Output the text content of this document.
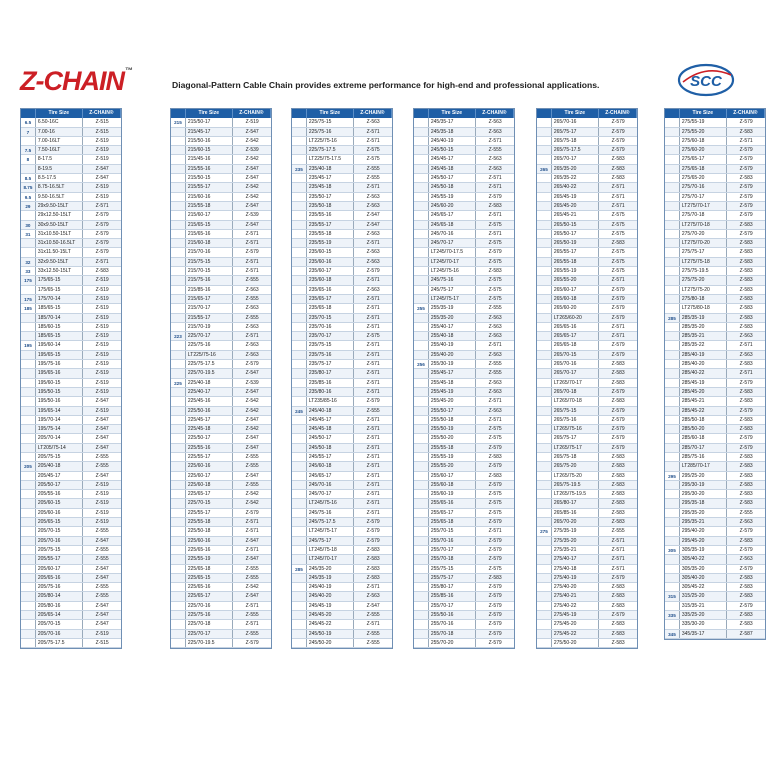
Z-CHAIN™
Diagonal-Pattern Cable Chain provides extreme performance for high-end and professional applications.	SCC
Tire Size	Z-CHAIN®
6.5	6.50-16C	Z-515
7	7.00-16	Z-515
7.00-16LT	Z-519
7.5	7.50-16LT	Z-519
8	8-17.5	Z-519
8-19.5	Z-547
8.5	8.5-17.5	Z-547
8.75	8.75-16.5LT	Z-519
9.5	9.50-16.5LT	Z-519
29	29x9.50-15LT	Z-571
29x12.50-15LT	Z-579
30	30x9.50-15LT	Z-579
31	31x10.50-15LT	Z-579
31x10.50-16.5LT	Z-579
31x11.50-15LT	Z-579
32	32x9.50-15LT	Z-571
33	33x12.50-15LT	Z-583
175	175/65-15	Z-519
175/65-15	Z-519
175	175/70-14	Z-519
185	185/65-15	Z-519
185/70-14	Z-519
185/60-15	Z-519
185/65-15	Z-519
195	195/60-14	Z-519
195/65-15	Z-519
195/75-16	Z-519
195/65-16	Z-519
195/60-15	Z-519
195/50-15	Z-519
195/50-16	Z-547
195/65-14	Z-519
195/70-14	Z-547
195/75-14	Z-547
205/70-14	Z-547
LT205/75-14	Z-547
205/75-15	Z-555
205	205/40-18	Z-555
205/45-17	Z-547
205/50-17	Z-519
205/55-16	Z-519
205/60-15	Z-519
205/60-16	Z-519
205/65-15	Z-519
205/70-15	Z-555
205/70-16	Z-547
205/75-15	Z-555
205/55-17	Z-555
205/60-17	Z-547
205/65-16	Z-547
205/75-16	Z-555
205/80-14	Z-555
205/80-16	Z-547
205/65-14	Z-547
205/70-15	Z-547
205/70-16	Z-519
205/75-17.5	Z-515
Tire Size	Z-CHAIN®
215	215/50-17	Z-519
215/45-17	Z-547
215/50-16	Z-542
215/60-15	Z-539
215/45-16	Z-542
215/55-16	Z-547
215/50-15	Z-547
215/55-17	Z-542
215/60-16	Z-542
215/55-18	Z-547
215/60-17	Z-539
215/65-15	Z-547
215/65-16	Z-571
215/60-18	Z-571
215/70-16	Z-579
215/75-15	Z-571
215/70-15	Z-571
215/75-16	Z-555
215/85-16	Z-563
215/65-17	Z-555
215/70-17	Z-563
215/55-17	Z-555
215/70-19	Z-563
223	225/70-17	Z-571
225/75-16	Z-563
LT225/75-16	Z-563
225/75-17.5	Z-579
225/70-19.5	Z-547
225	225/40-18	Z-539
225/40-17	Z-547
225/45-16	Z-542
225/50-16	Z-542
225/45-17	Z-547
225/45-18	Z-542
225/50-17	Z-547
225/55-16	Z-547
225/55-17	Z-555
225/60-16	Z-555
225/60-17	Z-547
225/60-18	Z-555
225/65-17	Z-542
225/70-15	Z-542
225/55-17	Z-579
225/55-18	Z-571
225/50-18	Z-571
225/60-16	Z-547
225/65-16	Z-571
225/55-19	Z-547
225/65-18	Z-555
225/65-15	Z-555
225/65-16	Z-542
225/65-17	Z-547
225/70-16	Z-571
225/75-16	Z-555
225/70-18	Z-571
225/70-17	Z-555
225/70-19.5	Z-579
Tire Size	Z-CHAIN®
225/75-15	Z-563
225/75-16	Z-571
LT225/75-16	Z-571
225/75-17.5	Z-575
LT225/75-17.5	Z-575
235	235/40-18	Z-555
235/45-17	Z-555
235/45-18	Z-571
235/50-17	Z-563
235/50-18	Z-563
235/55-16	Z-547
235/55-17	Z-547
235/55-18	Z-563
235/55-19	Z-571
235/60-15	Z-563
235/60-16	Z-563
235/60-17	Z-579
235/60-18	Z-571
235/65-16	Z-563
235/65-17	Z-571
235/65-18	Z-571
235/70-15	Z-571
235/70-16	Z-571
235/70-17	Z-575
235/75-15	Z-571
235/75-16	Z-571
235/75-17	Z-571
235/80-17	Z-571
235/85-16	Z-571
235/80-16	Z-571
LT235/85-16	Z-579
245	245/40-18	Z-555
245/45-17	Z-571
245/45-18	Z-571
245/50-17	Z-571
245/50-18	Z-571
245/55-17	Z-571
245/60-18	Z-571
245/65-17	Z-571
245/70-16	Z-571
245/70-17	Z-571
LT245/75-16	Z-571
245/75-16	Z-571
245/75-17.5	Z-579
LT245/75-17	Z-579
245/75-17	Z-579
LT245/75-18	Z-583
LT245/70-17	Z-583
285	245/35-20	Z-583
245/35-19	Z-583
245/40-19	Z-571
245/40-20	Z-563
245/45-19	Z-547
245/45-20	Z-555
245/45-22	Z-571
245/50-19	Z-555
245/50-20	Z-555
Tire Size	Z-CHAIN®
245/35-17	Z-563
245/35-18	Z-563
245/40-19	Z-571
245/50-15	Z-555
245/45-17	Z-563
245/45-18	Z-563
245/50-17	Z-571
245/50-18	Z-571
245/55-19	Z-579
245/60-20	Z-583
245/65-17	Z-571
245/65-18	Z-575
245/70-16	Z-571
245/70-17	Z-575
LT245/70-17.5	Z-579
LT245/70-17	Z-575
LT245/75-16	Z-583
245/75-16	Z-575
245/75-17	Z-575
LT245/75-17	Z-575
255	255/35-19	Z-555
255/35-20	Z-563
255/40-17	Z-563
255/40-18	Z-563
255/40-19	Z-571
255/40-20	Z-563
256	255/30-19	Z-555
255/45-17	Z-555
255/45-18	Z-563
255/45-19	Z-563
255/45-20	Z-571
255/50-17	Z-563
255/50-18	Z-571
255/50-19	Z-575
255/50-20	Z-575
255/55-18	Z-579
255/55-19	Z-583
255/55-20	Z-579
255/60-17	Z-583
255/60-18	Z-579
255/60-19	Z-575
255/65-16	Z-575
255/65-17	Z-575
255/65-18	Z-579
255/70-15	Z-571
255/70-16	Z-579
255/70-17	Z-579
255/70-18	Z-579
255/75-15	Z-575
255/75-17	Z-583
255/80-17	Z-579
255/85-16	Z-579
255/70-17	Z-579
255/50-16	Z-579
255/70-16	Z-579
255/70-18	Z-579
255/70-20	Z-579
Tire Size	Z-CHAIN®
265/70-16	Z-579
265/75-17	Z-579
265/75-18	Z-579
265/75-17.5	Z-579
265/70-17	Z-583
265	265/35-20	Z-583
265/35-22	Z-583
265/40-22	Z-571
265/45-19	Z-571
265/45-20	Z-571
265/45-21	Z-575
265/50-15	Z-575
265/50-17	Z-575
265/50-19	Z-583
265/55-17	Z-575
265/55-18	Z-575
265/55-19	Z-575
265/55-20	Z-571
265/60-17	Z-579
265/60-18	Z-579
265/60-20	Z-579
LT265/60-20	Z-579
265/65-16	Z-571
265/65-17	Z-571
265/65-18	Z-579
265/70-15	Z-579
265/70-16	Z-583
265/70-17	Z-583
LT265/70-17	Z-583
265/70-18	Z-579
LT265/70-18	Z-583
265/75-15	Z-579
265/75-16	Z-579
LT265/75-16	Z-579
265/75-17	Z-579
LT265/75-17	Z-579
265/75-18	Z-583
265/75-20	Z-583
LT265/75-20	Z-583
265/75-19.5	Z-583
LT265/75-19.5	Z-583
265/80-17	Z-583
265/85-16	Z-583
265/70-20	Z-583
275	275/35-19	Z-555
275/35-20	Z-571
275/35-21	Z-571
275/40-17	Z-571
275/40-18	Z-571
275/40-19	Z-579
275/40-20	Z-583
275/40-21	Z-583
275/40-22	Z-583
275/45-19	Z-579
275/45-20	Z-583
275/45-22	Z-583
275/50-20	Z-583
Tire Size	Z-CHAIN®
275/55-19	Z-579
275/55-20	Z-583
275/60-18	Z-571
275/60-20	Z-579
275/65-17	Z-579
275/65-18	Z-579
275/65-20	Z-583
275/70-16	Z-579
275/70-17	Z-579
LT275/70-17	Z-579
275/70-18	Z-579
LT275/70-18	Z-583
275/70-20	Z-579
LT275/70-20	Z-583
275/75-17	Z-583
LT275/75-18	Z-583
275/75-19.5	Z-583
275/75-20	Z-583
LT275/75-20	Z-583
275/80-18	Z-583
LT275/80-18	Z-583
285	285/35-19	Z-583
285/35-20	Z-583
285/35-21	Z-563
285/35-22	Z-571
285/40-19	Z-563
285/40-20	Z-583
285/40-22	Z-571
285/45-19	Z-579
285/45-20	Z-583
285/45-21	Z-583
285/45-22	Z-579
285/50-18	Z-583
285/50-20	Z-583
285/60-18	Z-579
285/70-17	Z-579
285/75-16	Z-583
LT285/70-17	Z-583
295	295/25-20	Z-583
295/30-19	Z-583
295/30-20	Z-583
295/35-18	Z-583
295/35-20	Z-555
295/35-21	Z-563
295/40-20	Z-579
295/45-20	Z-583
305	305/35-19	Z-579
305/40-22	Z-563
305/35-20	Z-579
305/40-20	Z-583
305/45-22	Z-583
315	315/25-20	Z-583
315/35-21	Z-579
335	335/25-20	Z-583
335/30-20	Z-583
345	345/35-17	Z-587
